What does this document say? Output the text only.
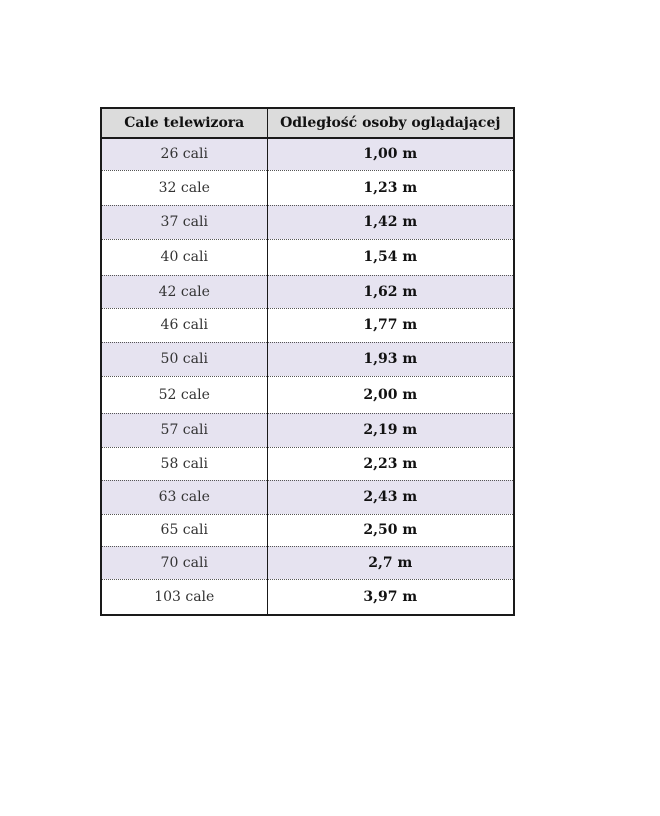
Cale telewizora	Odległość osoby oglądającej
26 cali	1,00 m
32 cale	1,23 m
37 cali	1,42 m
40 cali	1,54 m
42 cale	1,62 m
46 cali	1,77 m
50 cali	1,93 m
52 cale	2,00 m
57 cali	2,19 m
58 cali	2,23 m
63 cale	2,43 m
65 cali	2,50 m
70 cali	2,7 m
103 cale	3,97 m
